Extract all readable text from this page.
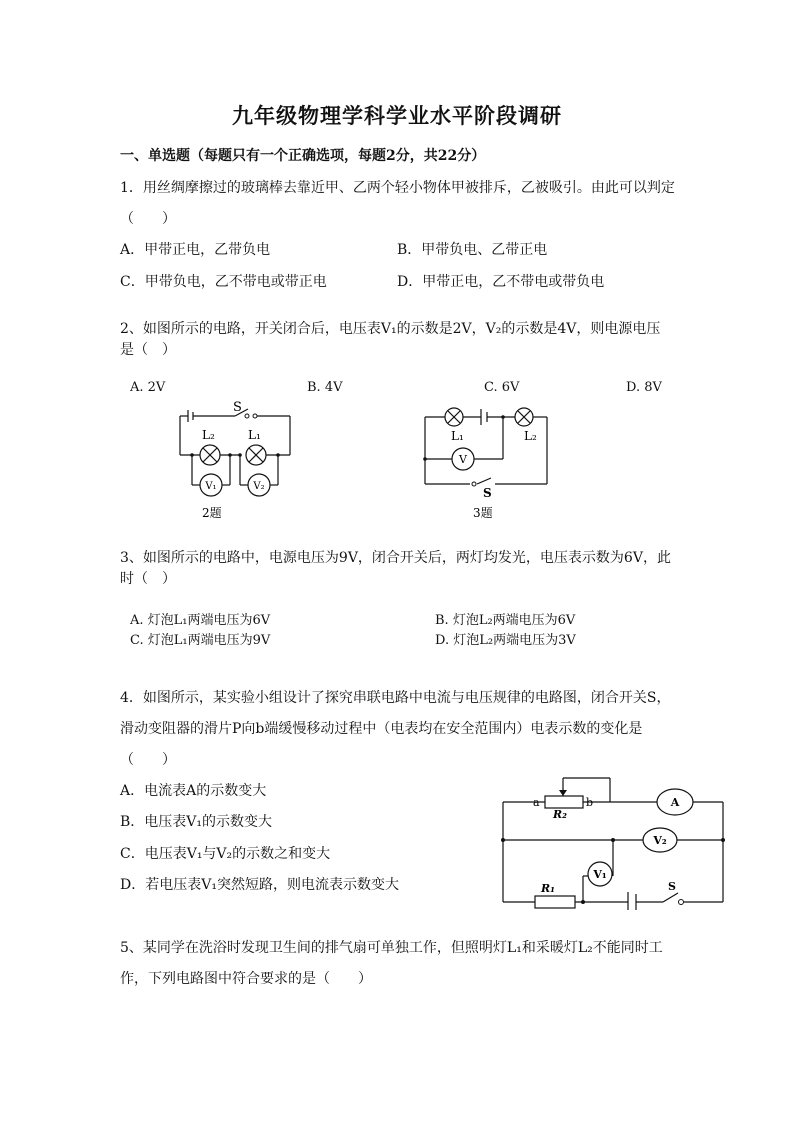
九年级物理学科学业水平阶段调研
一、单选题（每题只有一个正确选项，每题2分，共22分）
1．用丝绸摩擦过的玻璃棒去靠近甲、乙两个轻小物体甲被排斥，乙被吸引。由此可以判定
（　　）
A．甲带正电，乙带负电	B．甲带负电、乙带正电
C．甲带负电，乙不带电或带正电	D．甲带正电，乙不带电或带负电
2、如图所示的电路，开关闭合后，电压表V₁的示数是2V，V₂的示数是4V，则电源电压
是（　）
A. 2V	B. 4V	C. 6V	D. 8V
S
L₂	L₁
V₁	V₂
2题
L₁	L₂
V
S
3题
3、如图所示的电路中，电源电压为9V，闭合开关后，两灯均发光，电压表示数为6V，此
时（　）
A. 灯泡L₁两端电压为6V	B. 灯泡L₂两端电压为6V
C. 灯泡L₁两端电压为9V	D. 灯泡L₂两端电压为3V
4．如图所示，某实验小组设计了探究串联电路中电流与电压规律的电路图，闭合开关S，
滑动变阻器的滑片P向b端缓慢移动过程中（电表均在安全范围内）电表示数的变化是
（　　）
A．电流表A的示数变大
B．电压表V₁的示数变大
C．电压表V₁与V₂的示数之和变大
D．若电压表V₁突然短路，则电流表示数变大
a	b
R₂
R₁
A
V₂
V₁
S
5、某同学在洗浴时发现卫生间的排气扇可单独工作，但照明灯L₁和采暖灯L₂不能同时工
作，下列电路图中符合要求的是（　　）
